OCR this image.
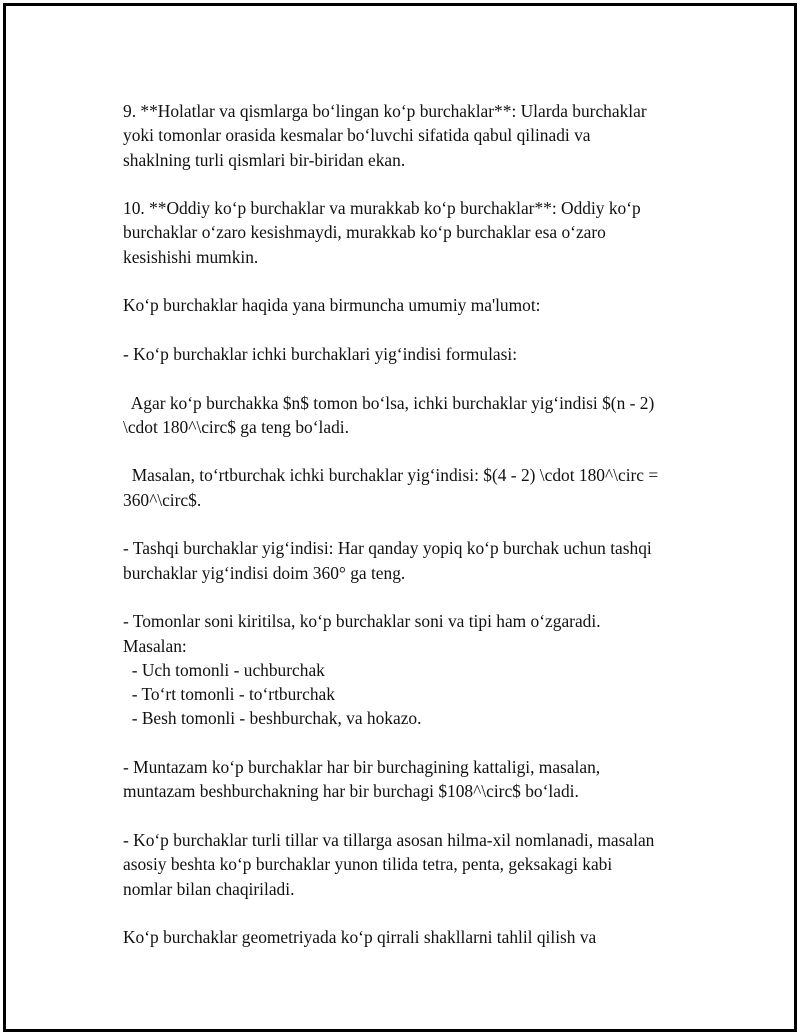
9. **Holatlar va qismlarga bo‘lingan ko‘p burchaklar**: Ularda burchaklar
yoki tomonlar orasida kesmalar bo‘luvchi sifatida qabul qilinadi va
shaklning turli qismlari bir-biridan ekan.
10. **Oddiy ko‘p burchaklar va murakkab ko‘p burchaklar**: Oddiy ko‘p
burchaklar o‘zaro kesishmaydi, murakkab ko‘p burchaklar esa o‘zaro
kesishishi mumkin.
Ko‘p burchaklar haqida yana birmuncha umumiy ma'lumot:
- Ko‘p burchaklar ichki burchaklari yig‘indisi formulasi:
Agar ko‘p burchakka $n$ tomon bo‘lsa, ichki burchaklar yig‘indisi $(n - 2)
\cdot 180^\circ$ ga teng bo‘ladi.
Masalan, to‘rtburchak ichki burchaklar yig‘indisi: $(4 - 2) \cdot 180^\circ =
360^\circ$.
- Tashqi burchaklar yig‘indisi: Har qanday yopiq ko‘p burchak uchun tashqi
burchaklar yig‘indisi doim 360° ga teng.
- Tomonlar soni kiritilsa, ko‘p burchaklar soni va tipi ham o‘zgaradi.
Masalan:
- Uch tomonli - uchburchak
- To‘rt tomonli - to‘rtburchak
- Besh tomonli - beshburchak, va hokazo.
- Muntazam ko‘p burchaklar har bir burchagining kattaligi, masalan,
muntazam beshburchakning har bir burchagi $108^\circ$ bo‘ladi.
- Ko‘p burchaklar turli tillar va tillarga asosan hilma-xil nomlanadi, masalan
asosiy beshta ko‘p burchaklar yunon tilida tetra, penta, geksakagi kabi
nomlar bilan chaqiriladi.
Ko‘p burchaklar geometriyada ko‘p qirrali shakllarni tahlil qilish va
